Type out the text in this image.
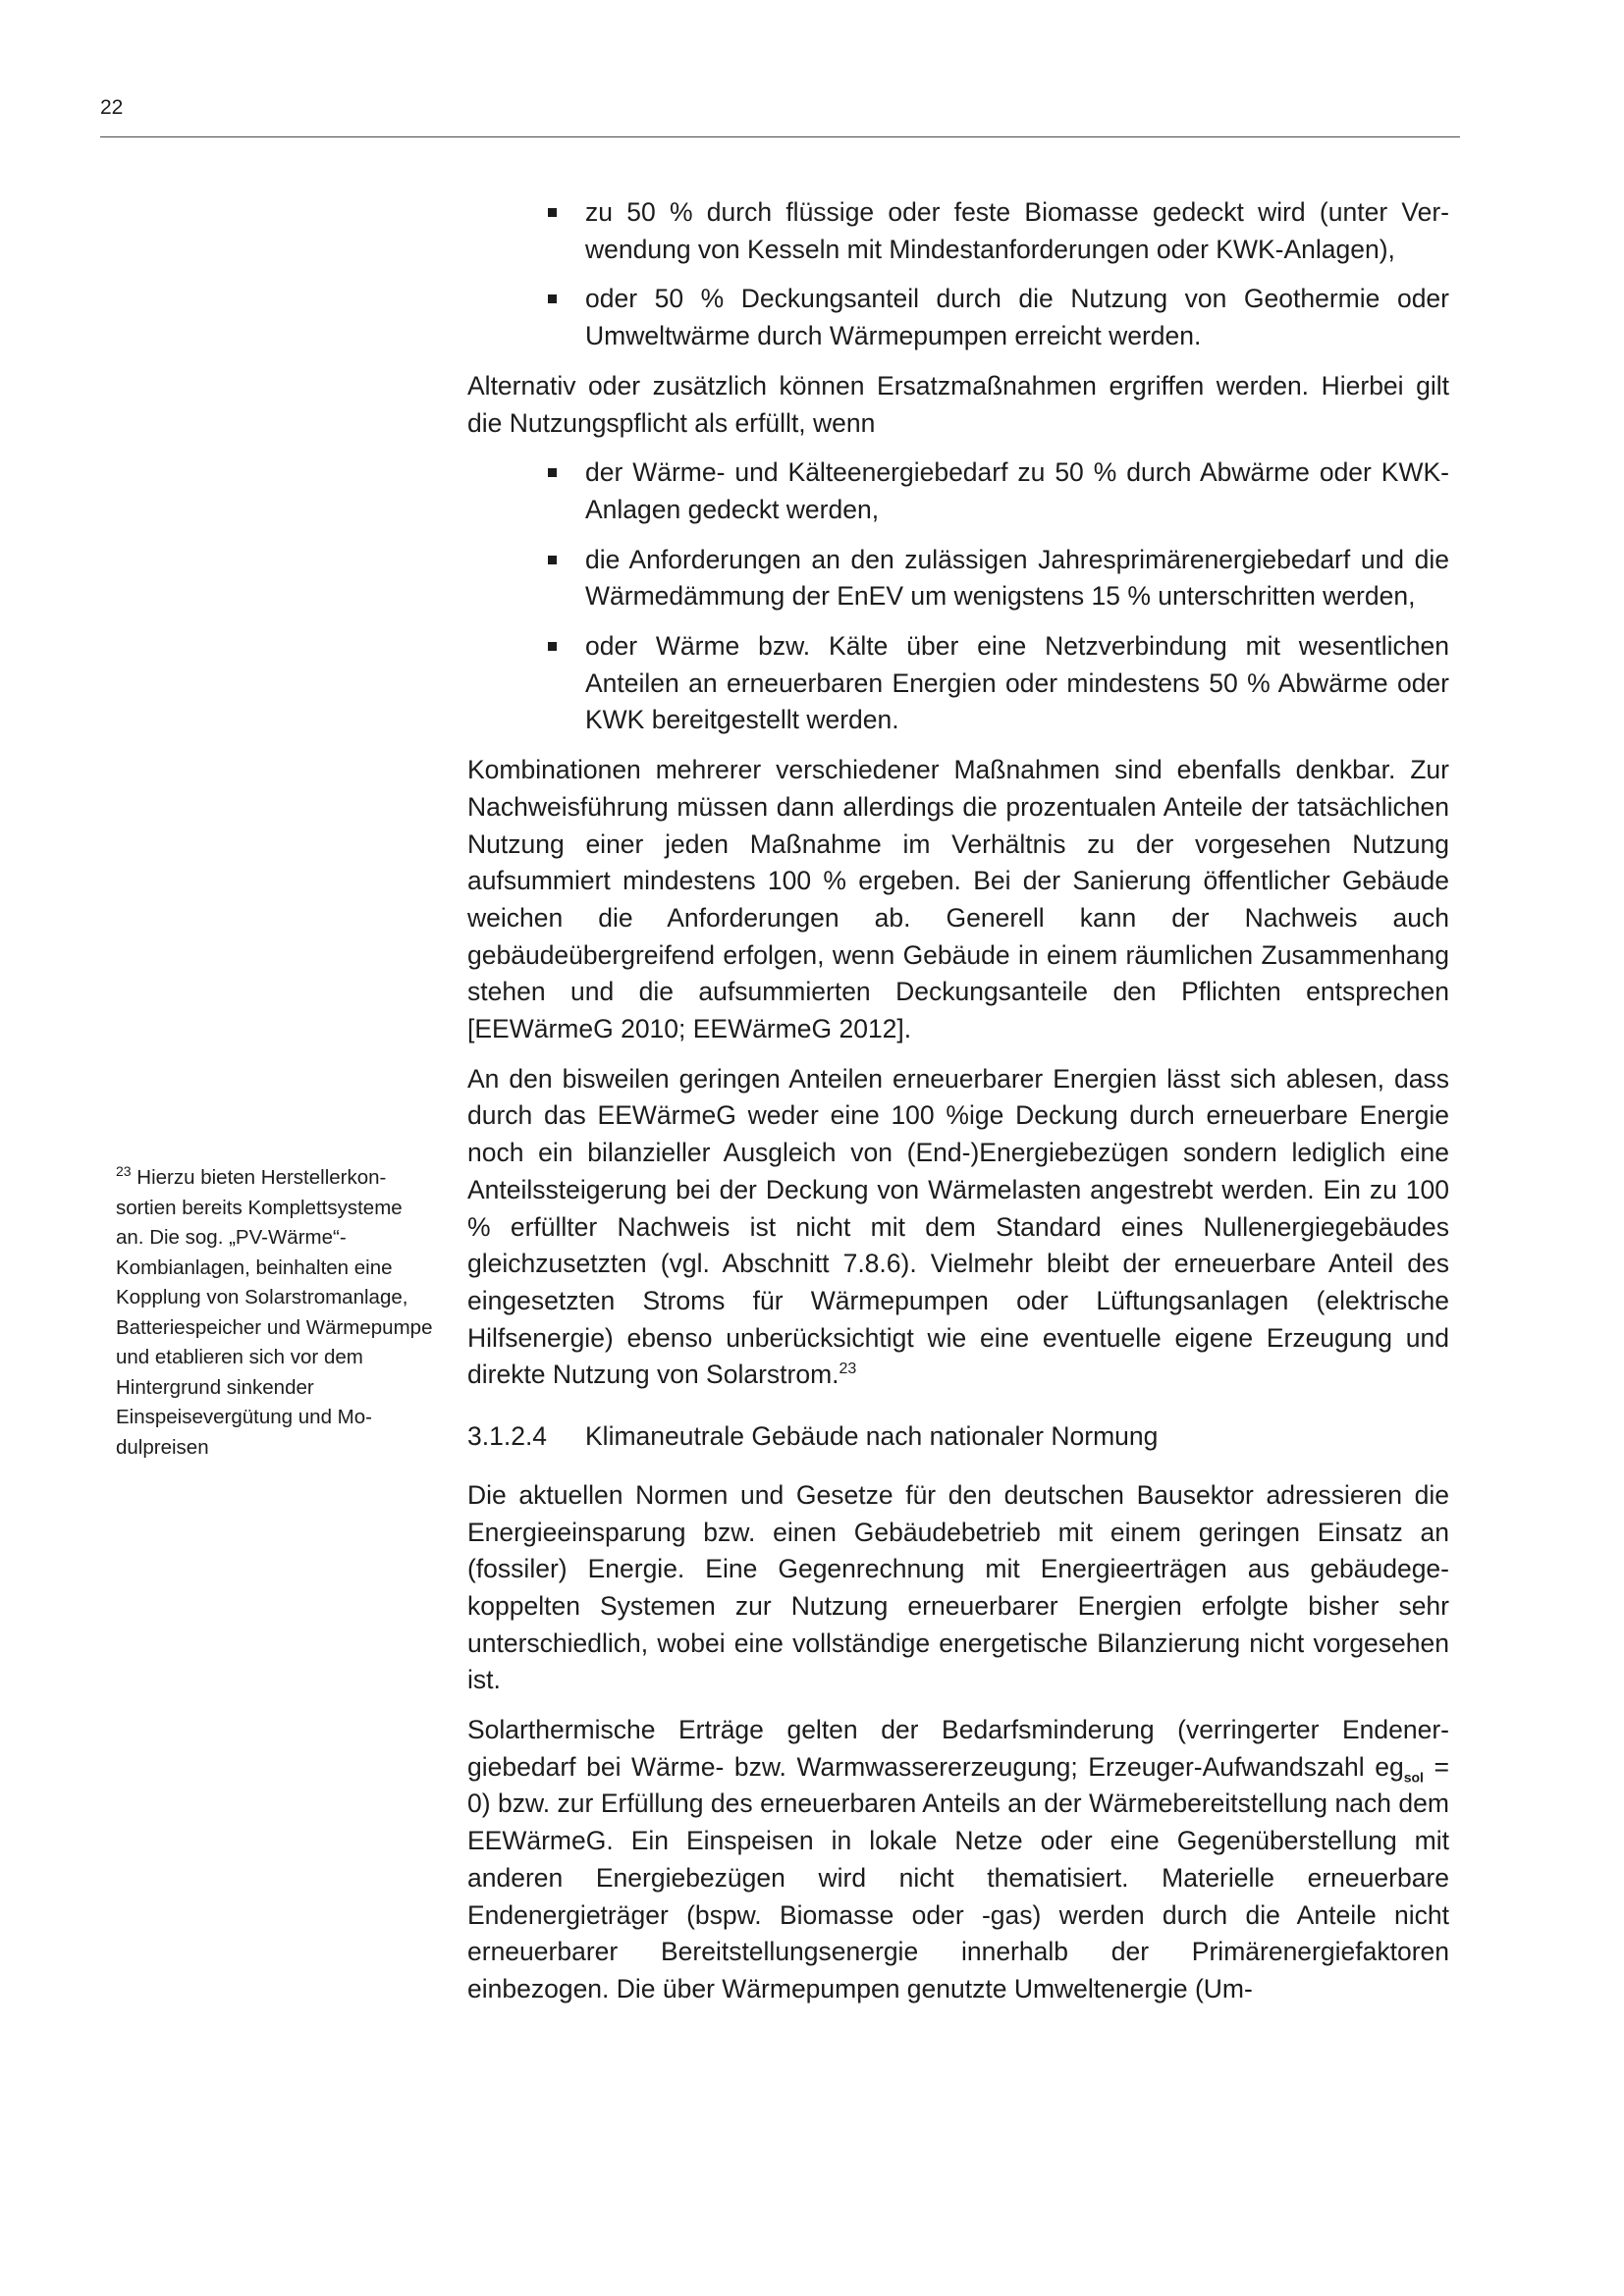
22
$^{23}$ Hierzu bieten Herstellerkonsortien bereits Komplettsysteme an. Die sog. „PV-Wärme“-Kombianlagen, beinhalten eine Kopplung von Solarstromanlage, Batteriespeicher und Wärmepumpe und etablieren sich vor dem Hintergrund sinkender Einspeisevergütung und Modulpreisen
zu 50 % durch flüssige oder feste Biomasse gedeckt wird (unter Verwendung von Kesseln mit Mindestanforderungen oder KWK-Anlagen),
oder 50 % Deckungsanteil durch die Nutzung von Geothermie oder Umweltwärme durch Wärmepumpen erreicht werden.

Alternativ oder zusätzlich können Ersatzmaßnahmen ergriffen werden. Hierbei gilt die Nutzungspflicht als erfüllt, wenn

der Wärme- und Kälteenergiebedarf zu 50 % durch Abwärme oder KWK-Anlagen gedeckt werden,
die Anforderungen an den zulässigen Jahresprimärenergiebedarf und die Wärmedämmung der EnEV um wenigstens 15 % unterschritten werden,
oder Wärme bzw. Kälte über eine Netzverbindung mit wesentlichen Anteilen an erneuerbaren Energien oder mindestens 50 % Abwärme oder KWK bereitgestellt werden.

Kombinationen mehrerer verschiedener Maßnahmen sind ebenfalls denkbar. Zur Nachweisführung müssen dann allerdings die prozentualen Anteile der tatsächlichen Nutzung einer jeden Maßnahme im Verhältnis zu der vorgesehen Nutzung aufsummiert mindestens 100 % ergeben. Bei der Sanierung öffentlicher Gebäude weichen die Anforderungen ab. Generell kann der Nachweis auch gebäudeübergreifend erfolgen, wenn Gebäude in einem räumlichen Zusammenhang stehen und die aufsummierten Deckungsanteile den Pflichten entsprechen [EEWärmeG 2010; EEWärmeG 2012].

An den bisweilen geringen Anteilen erneuerbarer Energien lässt sich ablesen, dass durch das EEWärmeG weder eine 100 %ige Deckung durch erneuerbare Energie noch ein bilanzieller Ausgleich von (End-)Energiebezügen sondern lediglich eine Anteilssteigerung bei der Deckung von Wärmelasten angestrebt werden. Ein zu 100 % erfüllter Nachweis ist nicht mit dem Standard eines Nullenergiegebäudes gleichzusetzten (vgl. Abschnitt 7.8.6). Vielmehr bleibt der erneuerbare Anteil des eingesetzten Stroms für Wärmepumpen oder Lüftungsanlagen (elektrische Hilfsenergie) ebenso unberücksichtigt wie eine eventuelle eigene Erzeugung und direkte Nutzung von Solarstrom.$^{23}$

3.1.2.4	Klimaneutrale Gebäude nach nationaler Normung

Die aktuellen Normen und Gesetze für den deutschen Bausektor adressieren die Energieeinsparung bzw. einen Gebäudebetrieb mit einem geringen Einsatz an (fossiler) Energie. Eine Gegenrechnung mit Energieerträgen aus gebäudegekoppelten Systemen zur Nutzung erneuerbarer Energien erfolgte bisher sehr unterschiedlich, wobei eine vollständige energetische Bilanzierung nicht vorgesehen ist.

Solarthermische Erträge gelten der Bedarfsminderung (verringerter Endenergiebedarf bei Wärme- bzw. Warmwassererzeugung; Erzeuger-Aufwandszahl $eg_{sol} = 0$) bzw. zur Erfüllung des erneuerbaren Anteils an der Wärmebereitstellung nach dem EEWärmeG. Ein Einspeisen in lokale Netze oder eine Gegenüberstellung mit anderen Energiebezügen wird nicht thematisiert. Materielle erneuerbare Endenergieträger (bspw. Biomasse oder -gas) werden durch die Anteile nicht erneuerbarer Bereitstellungsenergie innerhalb der Primärenergiefaktoren einbezogen. Die über Wärmepumpen genutzte Umweltenergie (Um-
